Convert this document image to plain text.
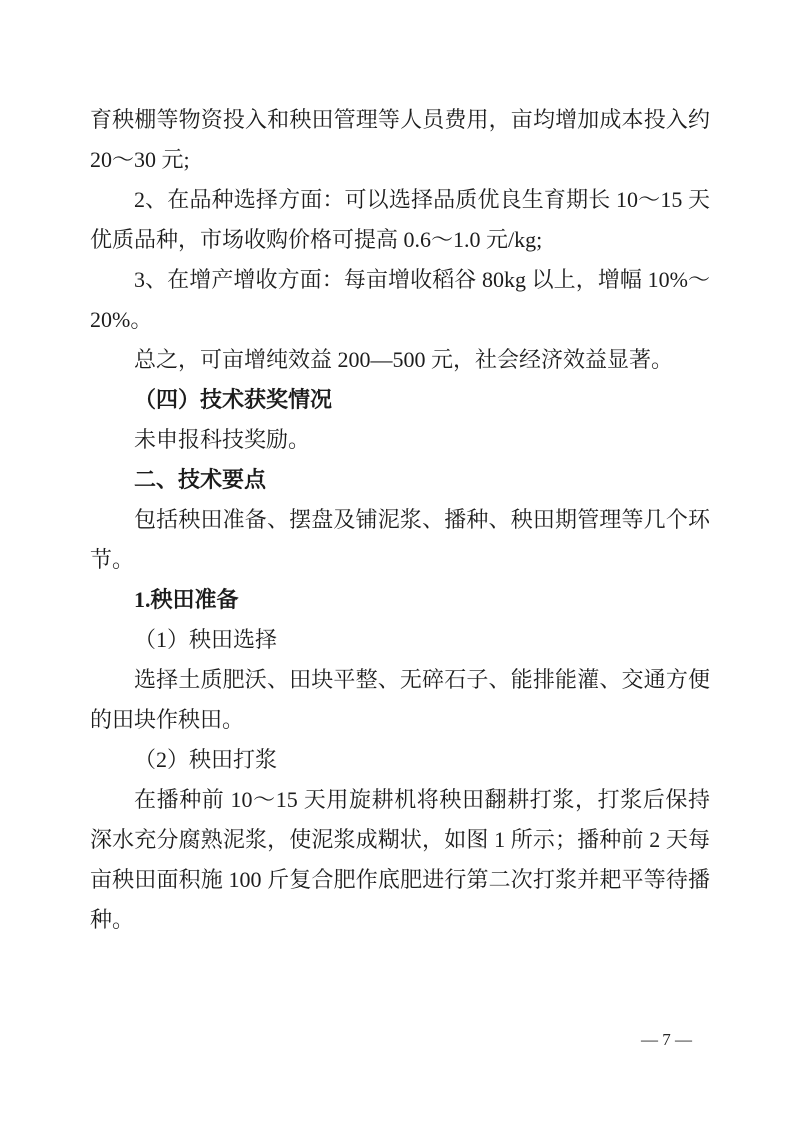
育秧棚等物资投入和秧田管理等人员费用，亩均增加成本投入约
20～30 元;
2、在品种选择方面：可以选择品质优良生育期长 10～15 天
优质品种，市场收购价格可提高 0.6～1.0 元/kg;
3、在增产增收方面：每亩增收稻谷 80kg 以上，增幅 10%～
20%。
总之，可亩增纯效益 200—500 元，社会经济效益显著。
（四）技术获奖情况
未申报科技奖励。
二、技术要点
包括秧田准备、摆盘及铺泥浆、播种、秧田期管理等几个环
节。
1.秧田准备
（1）秧田选择
选择土质肥沃、田块平整、无碎石子、能排能灌、交通方便
的田块作秧田。
（2）秧田打浆
在播种前 10～15 天用旋耕机将秧田翻耕打浆，打浆后保持
深水充分腐熟泥浆，使泥浆成糊状，如图 1 所示；播种前 2 天每
亩秧田面积施 100 斤复合肥作底肥进行第二次打浆并耙平等待播
种。
— 7 —
